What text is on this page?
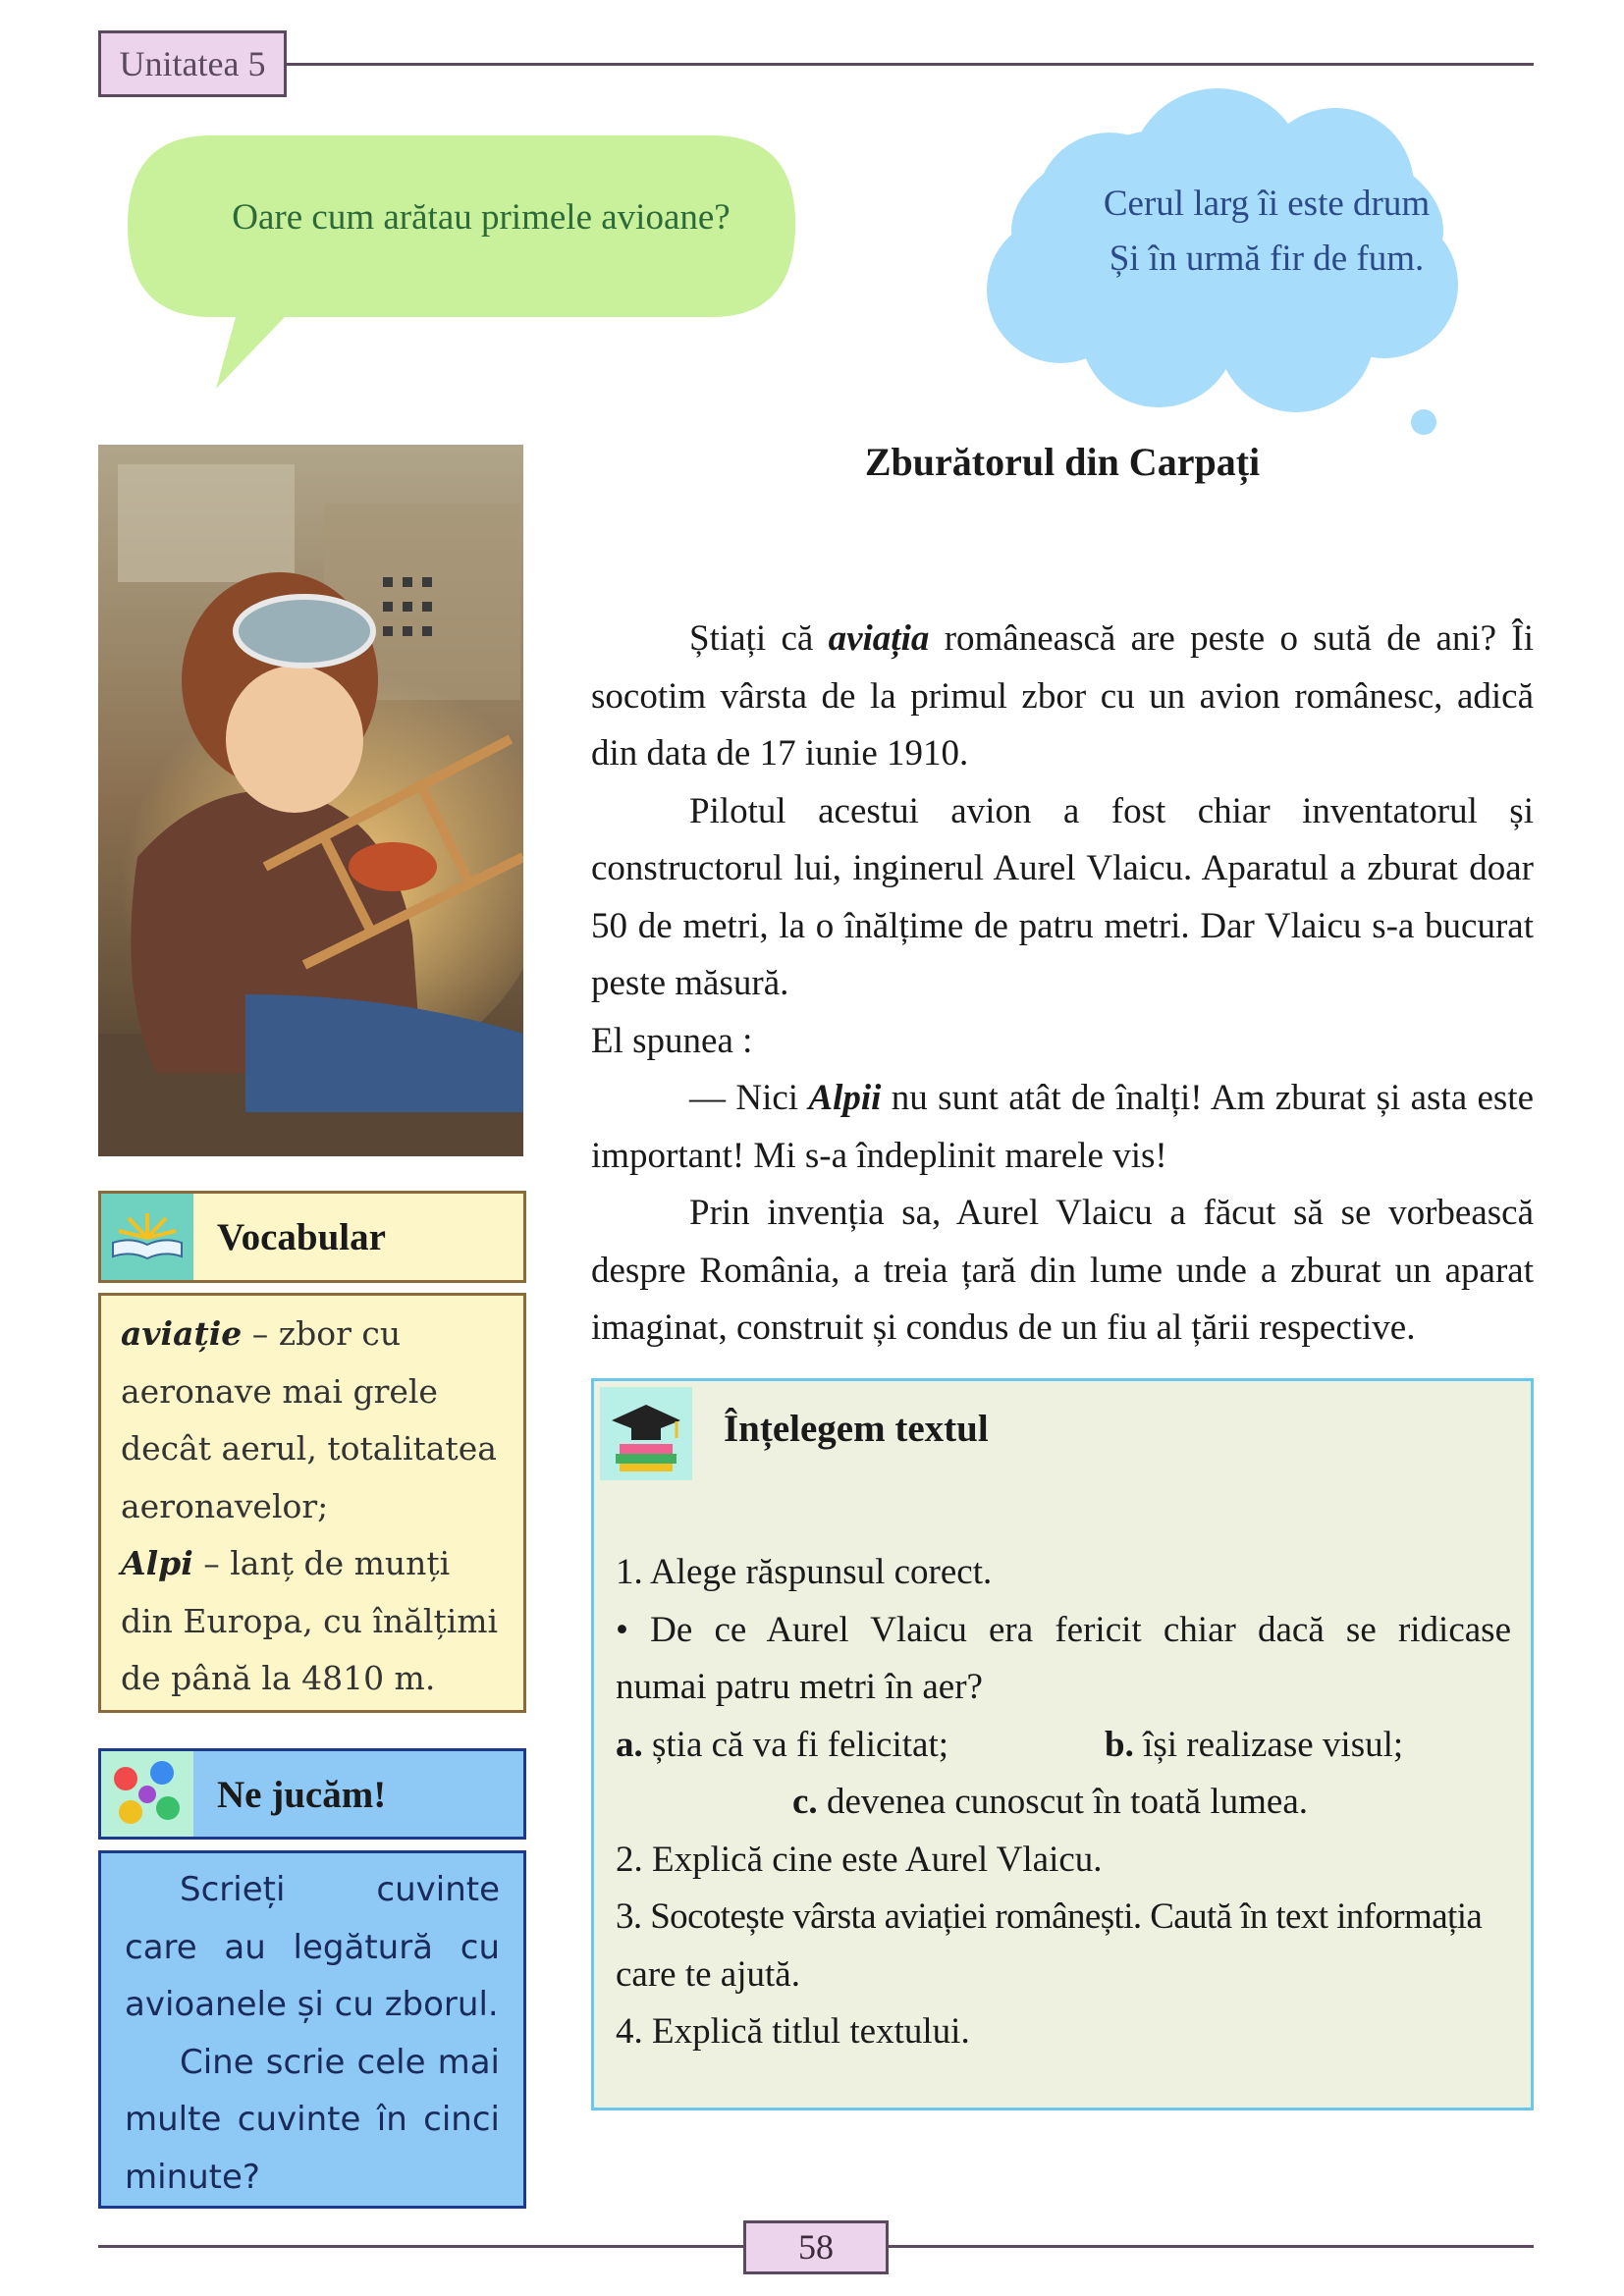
Unitatea 5
Oare cum arătau primele avioane?	Cerul larg îi este drum
Și în urmă fir de fum.
Zburătorul din Carpați

Știați că aviația românească are peste o sută de ani? Îi socotim vârsta de la primul zbor cu un avion românesc, adică din data de 17 iunie 1910.

Pilotul acestui avion a fost chiar inventatorul și constructorul lui, inginerul Aurel Vlaicu. Aparatul a zburat doar 50 de metri, la o înălțime de patru metri. Dar Vlaicu s-a bucurat peste măsură.

El spunea :

— Nici Alpii nu sunt atât de înalți! Am zburat și asta este important! Mi s-a îndeplinit marele vis!

Prin invenția sa, Aurel Vlaicu a făcut să se vorbească despre România, a treia țară din lume unde a zburat un aparat imaginat, construit și condus de un fiu al țării respective.

Vocabular
aviație – zbor cu aeronave mai grele decât aerul, totalitatea aeronavelor;
Alpi – lanț de munți din Europa, cu înălțimi de până la 4810 m.
Ne jucăm!

Scrieți cuvinte care au legătură cu avioanele și cu zborul.

Cine scrie cele mai multe cuvinte în cinci minute?

Înțelegem textul
1. Alege răspunsul corect.
• De ce Aurel Vlaicu era fericit chiar dacă se ridicase
numai patru metri în aer?
a. știa că va fi felicitat;	b. își realizase visul;
c. devenea cunoscut în toată lumea.
2. Explică cine este Aurel Vlaicu.
3. Socotește vârsta aviației românești. Caută în text informația
care te ajută.
4. Explică titlul textului.
58
